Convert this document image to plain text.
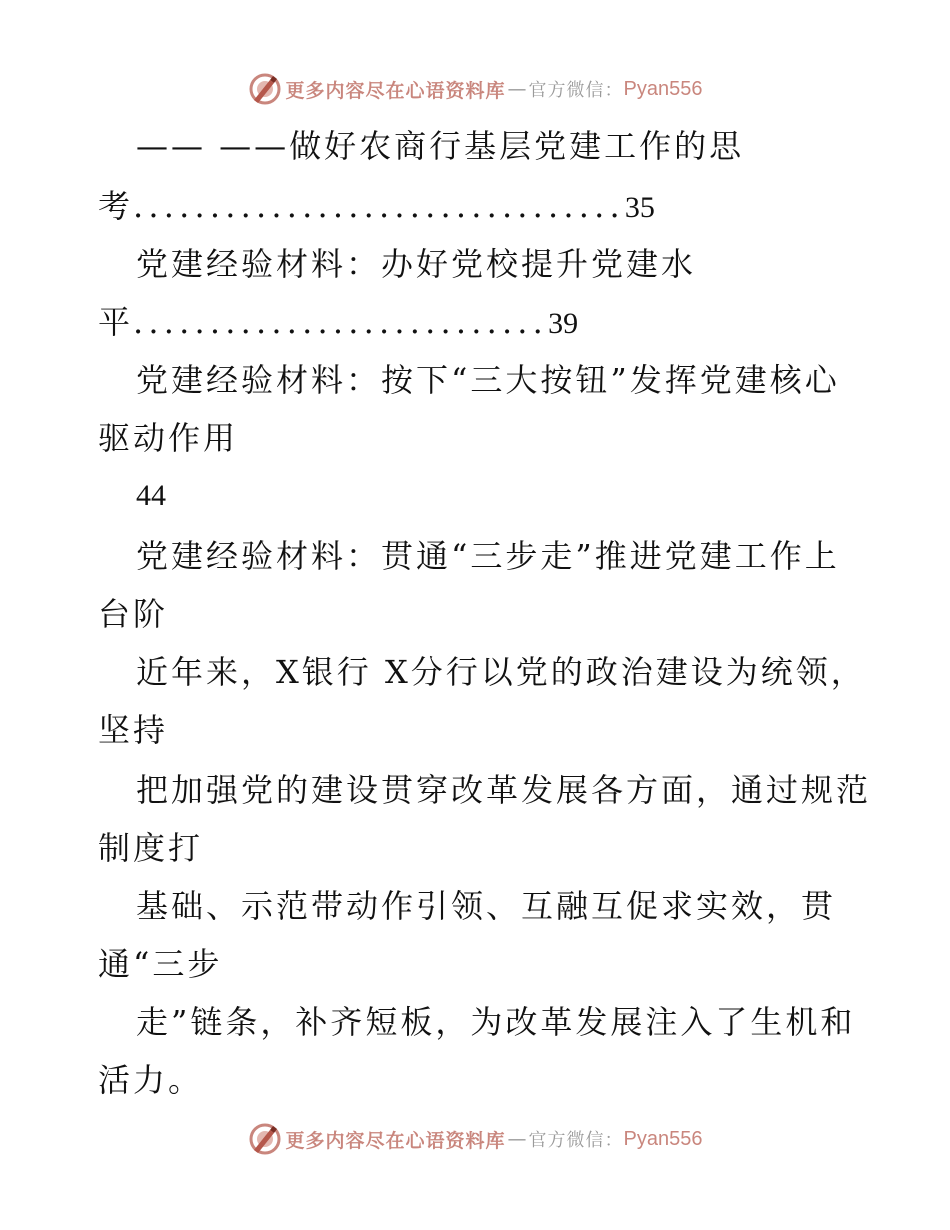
更多内容尽在心语资料库 — 官方微信： Pyan556
—— ——做好农商行基层党建工作的思
考................................35
党建经验材料：办好党校提升党建水
平...........................39
党建经验材料：按下“三大按钮”发挥党建核心
驱动作用
44
党建经验材料：贯通“三步走”推进党建工作上
台阶
近年来，X银行 X分行以党的政治建设为统领，
坚持
把加强党的建设贯穿改革发展各方面，通过规范
制度打
基础、示范带动作引领、互融互促求实效，贯
通“三步
走”链条，补齐短板，为改革发展注入了生机和
活力。
更多内容尽在心语资料库 — 官方微信： Pyan556
